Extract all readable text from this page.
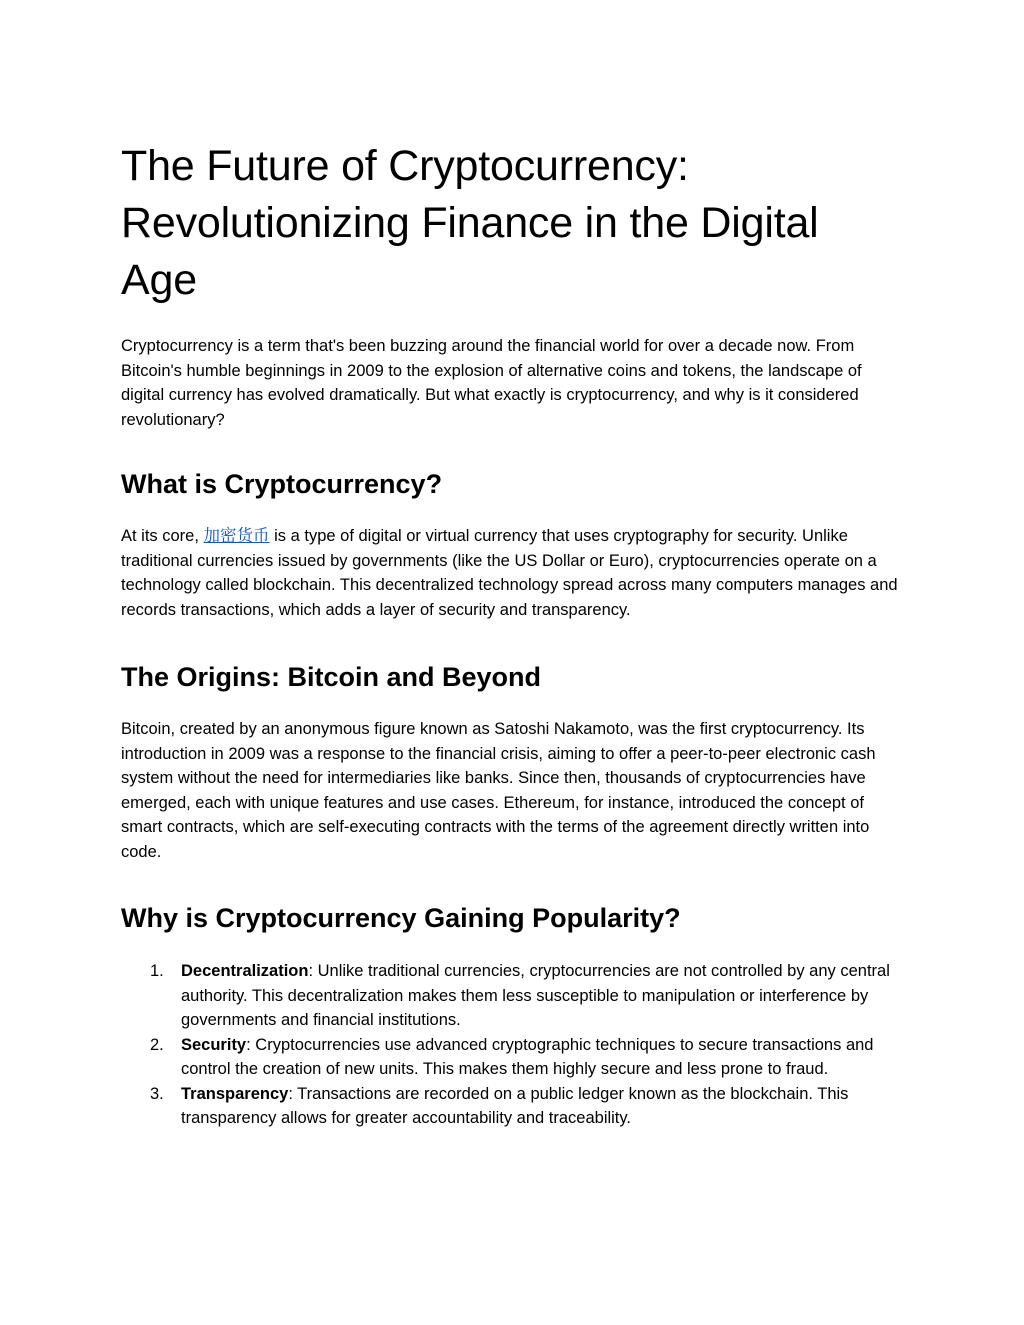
The Future of Cryptocurrency: Revolutionizing Finance in the Digital Age

Cryptocurrency is a term that's been buzzing around the financial world for over a decade now. From Bitcoin's humble beginnings in 2009 to the explosion of alternative coins and tokens, the landscape of digital currency has evolved dramatically. But what exactly is cryptocurrency, and why is it considered revolutionary?

What is Cryptocurrency?

At its core, 加密货币 is a type of digital or virtual currency that uses cryptography for security. Unlike traditional currencies issued by governments (like the US Dollar or Euro), cryptocurrencies operate on a technology called blockchain. This decentralized technology spread across many computers manages and records transactions, which adds a layer of security and transparency.

The Origins: Bitcoin and Beyond

Bitcoin, created by an anonymous figure known as Satoshi Nakamoto, was the first cryptocurrency. Its introduction in 2009 was a response to the financial crisis, aiming to offer a peer-to-peer electronic cash system without the need for intermediaries like banks. Since then, thousands of cryptocurrencies have emerged, each with unique features and use cases. Ethereum, for instance, introduced the concept of smart contracts, which are self-executing contracts with the terms of the agreement directly written into code.

Why is Cryptocurrency Gaining Popularity?
1.	Decentralization: Unlike traditional currencies, cryptocurrencies are not controlled by any central authority. This decentralization makes them less susceptible to manipulation or interference by governments and financial institutions.
2.	Security: Cryptocurrencies use advanced cryptographic techniques to secure transactions and control the creation of new units. This makes them highly secure and less prone to fraud.
3.	Transparency: Transactions are recorded on a public ledger known as the blockchain. This transparency allows for greater accountability and traceability.
